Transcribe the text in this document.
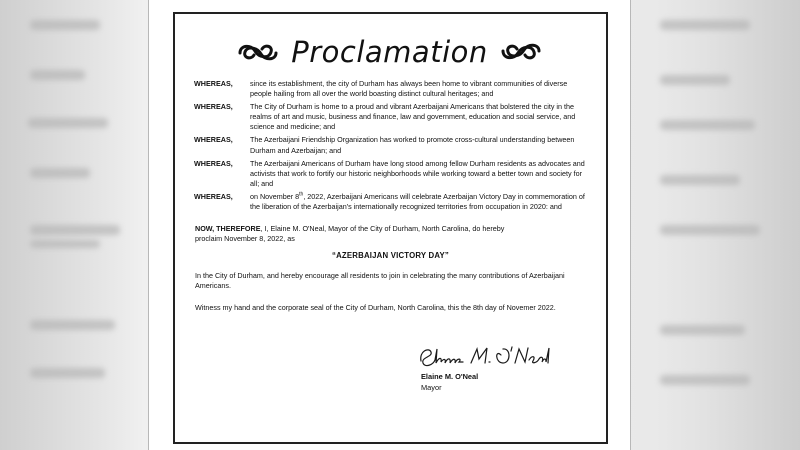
Proclamation
WHEREAS,	since its establishment, the city of Durham has always been home to vibrant communities of diverse people hailing from all over the world boasting distinct cultural heritages; and
WHEREAS,	The City of Durham is home to a proud and vibrant Azerbaijani Americans that bolstered the city in the realms of art and music, business and finance, law and government, education and social service, and science and medicine; and
WHEREAS,	The Azerbaijani Friendship Organization has worked to promote cross-cultural understanding between Durham and Azerbaijan; and
WHEREAS,	The Azerbaijani Americans of Durham have long stood among fellow Durham residents as advocates and activists that work to fortify our historic neighborhoods while working toward a better town and society for all; and
WHEREAS,	on November 8th, 2022, Azerbaijani Americans will celebrate Azerbaijan Victory Day in commemoration of the liberation of the Azerbaijan's internationally recognized territories from occupation in 2020: and
NOW, THEREFORE, I, Elaine M. O'Neal, Mayor of the City of Durham, North Carolina, do hereby proclaim November 8, 2022, as
“AZERBAIJAN VICTORY DAY”
In the City of Durham, and hereby encourage all residents to join in celebrating the many contributions of Azerbaijani Americans.
Witness my hand and the corporate seal of the City of Durham, North Carolina, this the 8th day of Novemer 2022.
Elaine M. O'Neal
Mayor
